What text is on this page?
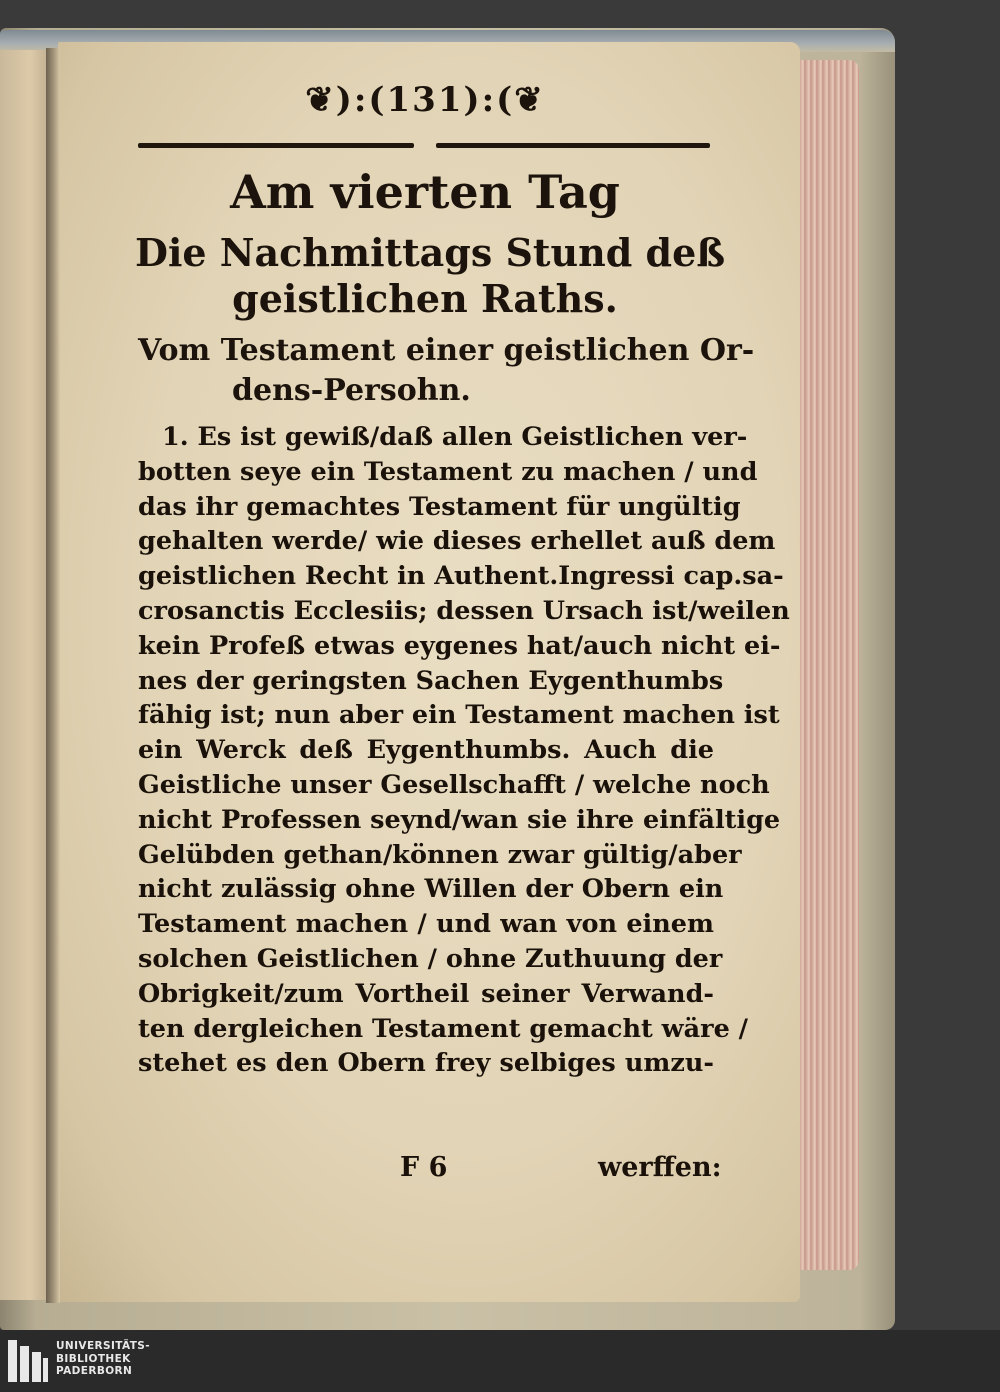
❦):(131):(❦
Am vierten Tag
Die Nachmittags Stund deß
geistlichen Raths.
Vom Testament einer geistlichen Or-
dens-Persohn.
1. Es ist gewiß/daß allen Geistlichen ver-
botten seye ein Testament zu machen / und
das ihr gemachtes Testament für ungültig
gehalten werde/ wie dieses erhellet auß dem
geistlichen Recht in Authent.Ingressi cap.sa-
crosanctis Ecclesiis; dessen Ursach ist/weilen
kein Profeß etwas eygenes hat/auch nicht ei-
nes der geringsten Sachen Eygenthumbs
fähig ist; nun aber ein Testament machen ist
ein Werck deß Eygenthumbs. Auch die
Geistliche unser Gesellschafft / welche noch
nicht Professen seynd/wan sie ihre einfältige
Gelübden gethan/können zwar gültig/aber
nicht zulässig ohne Willen der Obern ein
Testament machen / und wan von einem
solchen Geistlichen / ohne Zuthuung der
Obrigkeit/zum Vortheil seiner Verwand-
ten dergleichen Testament gemacht wäre /
stehet es den Obern frey selbiges umzu-
F 6	werffen:
UNIVERSITÄTS-
BIBLIOTHEK
PADERBORN
